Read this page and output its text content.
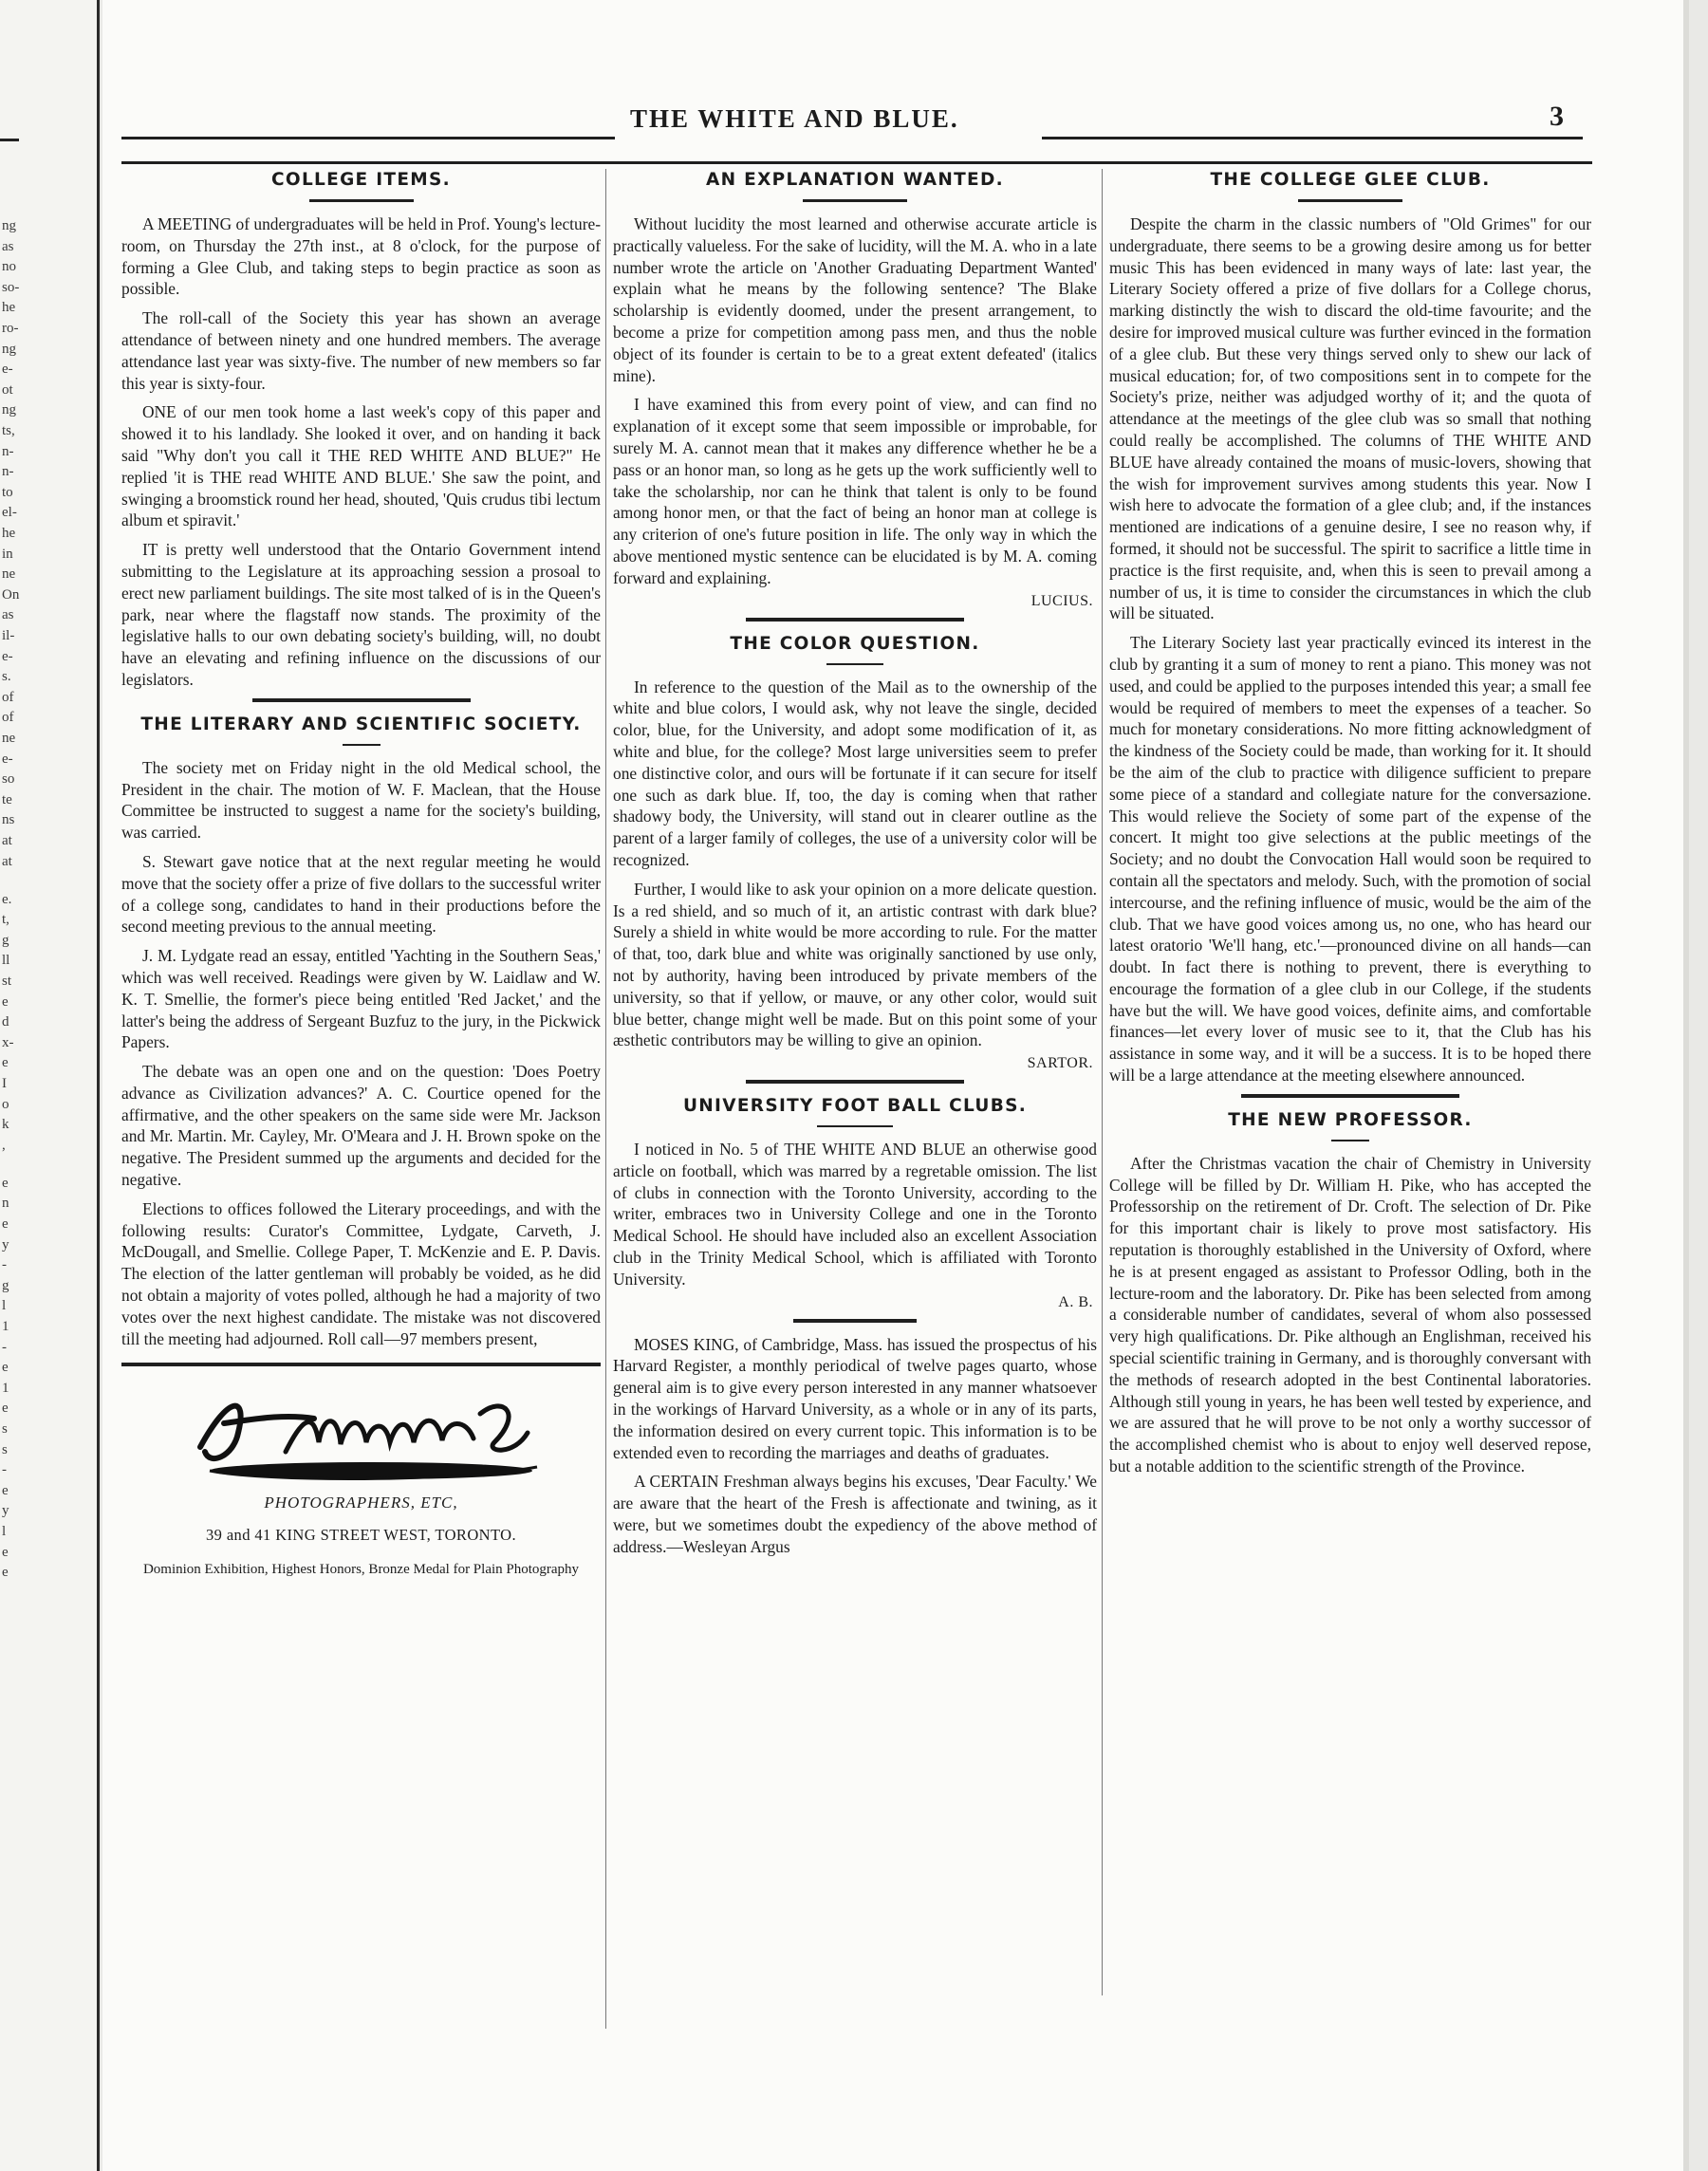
ng
as
no
so-
he
ro-
ng
e-
ot
ng
ts,
n-
n-
to
el-
he
in
ne
On
as
il-
e-
s.
of
of
ne
e-
so
te
ns
at
at
e.
t,
g
ll
st
e
d
x-
e
I
o
k
,
e
n
e
y
-
g
l
1
-
e
1
e
s
s
-
e
y
l
e
e
THE WHITE AND BLUE.	3
COLLEGE ITEMS.

A MEETING of undergraduates will be held in Prof. Young's lecture-room, on Thursday the 27th inst., at 8 o'clock, for the purpose of forming a Glee Club, and taking steps to begin practice as soon as possible.

The roll-call of the Society this year has shown an average attendance of between ninety and one hundred members. The average attendance last year was sixty-five. The number of new members so far this year is sixty-four.

ONE of our men took home a last week's copy of this paper and showed it to his landlady. She looked it over, and on handing it back said "Why don't you call it THE RED WHITE AND BLUE?" He replied 'it is THE read WHITE AND BLUE.' She saw the point, and swinging a broomstick round her head, shouted, 'Quis crudus tibi lectum album et spiravit.'

IT is pretty well understood that the Ontario Government intend submitting to the Legislature at its approaching session a prosoal to erect new parliament buildings. The site most talked of is in the Queen's park, near where the flagstaff now stands. The proximity of the legislative halls to our own debating society's building, will, no doubt have an elevating and refining influence on the discussions of our legislators.

THE LITERARY AND SCIENTIFIC SOCIETY.

The society met on Friday night in the old Medical school, the President in the chair. The motion of W. F. Maclean, that the House Committee be instructed to suggest a name for the society's building, was carried.

S. Stewart gave notice that at the next regular meeting he would move that the society offer a prize of five dollars to the successful writer of a college song, candidates to hand in their productions before the second meeting previous to the annual meeting.

J. M. Lydgate read an essay, entitled 'Yachting in the Southern Seas,' which was well received. Readings were given by W. Laidlaw and W. K. T. Smellie, the former's piece being entitled 'Red Jacket,' and the latter's being the address of Sergeant Buzfuz to the jury, in the Pickwick Papers.

The debate was an open one and on the question: 'Does Poetry advance as Civilization advances?' A. C. Courtice opened for the affirmative, and the other speakers on the same side were Mr. Jackson and Mr. Martin. Mr. Cayley, Mr. O'Meara and J. H. Brown spoke on the negative. The President summed up the arguments and decided for the negative.

Elections to offices followed the Literary proceedings, and with the following results: Curator's Committee, Lydgate, Carveth, J. McDougall, and Smellie. College Paper, T. McKenzie and E. P. Davis. The election of the latter gentleman will probably be voided, as he did not obtain a majority of votes polled, although he had a majority of two votes over the next highest candidate. The mistake was not discovered till the meeting had adjourned. Roll call—97 members present,

PHOTOGRAPHERS, ETC,

39 and 41 KING STREET WEST, TORONTO.

Dominion Exhibition, Highest Honors, Bronze Medal for Plain Photography

AN EXPLANATION WANTED.

Without lucidity the most learned and otherwise accurate article is practically valueless. For the sake of lucidity, will the M. A. who in a late number wrote the article on 'Another Graduating Department Wanted' explain what he means by the following sentence? 'The Blake scholarship is evidently doomed, under the present arrangement, to become a prize for competition among pass men, and thus the noble object of its founder is certain to be to a great extent defeated' (italics mine).

I have examined this from every point of view, and can find no explanation of it except some that seem impossible or improbable, for surely M. A. cannot mean that it makes any difference whether he be a pass or an honor man, so long as he gets up the work sufficiently well to take the scholarship, nor can he think that talent is only to be found among honor men, or that the fact of being an honor man at college is any criterion of one's future position in life. The only way in which the above mentioned mystic sentence can be elucidated is by M. A. coming forward and explaining.

LUCIUS.

THE COLOR QUESTION.

In reference to the question of the Mail as to the ownership of the white and blue colors, I would ask, why not leave the single, decided color, blue, for the University, and adopt some modification of it, as white and blue, for the college? Most large universities seem to prefer one distinctive color, and ours will be fortunate if it can secure for itself one such as dark blue. If, too, the day is coming when that rather shadowy body, the University, will stand out in clearer outline as the parent of a larger family of colleges, the use of a university color will be recognized.

Further, I would like to ask your opinion on a more delicate question. Is a red shield, and so much of it, an artistic contrast with dark blue? Surely a shield in white would be more according to rule. For the matter of that, too, dark blue and white was originally sanctioned by use only, not by authority, having been introduced by private members of the university, so that if yellow, or mauve, or any other color, would suit blue better, change might well be made. But on this point some of your æsthetic contributors may be willing to give an opinion.

SARTOR.

UNIVERSITY FOOT BALL CLUBS.

I noticed in No. 5 of THE WHITE AND BLUE an otherwise good article on football, which was marred by a regretable omission. The list of clubs in connection with the Toronto University, according to the writer, embraces two in University College and one in the Toronto Medical School. He should have included also an excellent Association club in the Trinity Medical School, which is affiliated with Toronto University.

A. B.

MOSES KING, of Cambridge, Mass. has issued the prospectus of his Harvard Register, a monthly periodical of twelve pages quarto, whose general aim is to give every person interested in any manner whatsoever in the workings of Harvard University, as a whole or in any of its parts, the information desired on every current topic. This information is to be extended even to recording the marriages and deaths of graduates.

A CERTAIN Freshman always begins his excuses, 'Dear Faculty.' We are aware that the heart of the Fresh is affectionate and twining, as it were, but we sometimes doubt the expediency of the above method of address.—Wesleyan Argus

THE COLLEGE GLEE CLUB.

Despite the charm in the classic numbers of "Old Grimes" for our undergraduate, there seems to be a growing desire among us for better music This has been evidenced in many ways of late: last year, the Literary Society offered a prize of five dollars for a College chorus, marking distinctly the wish to discard the old-time favourite; and the desire for improved musical culture was further evinced in the formation of a glee club. But these very things served only to shew our lack of musical education; for, of two compositions sent in to compete for the Society's prize, neither was adjudged worthy of it; and the quota of attendance at the meetings of the glee club was so small that nothing could really be accomplished. The columns of THE WHITE AND BLUE have already contained the moans of music-lovers, showing that the wish for improvement survives among students this year. Now I wish here to advocate the formation of a glee club; and, if the instances mentioned are indications of a genuine desire, I see no reason why, if formed, it should not be successful. The spirit to sacrifice a little time in practice is the first requisite, and, when this is seen to prevail among a number of us, it is time to consider the circumstances in which the club will be situated.

The Literary Society last year practically evinced its interest in the club by granting it a sum of money to rent a piano. This money was not used, and could be applied to the purposes intended this year; a small fee would be required of members to meet the expenses of a teacher. So much for monetary considerations. No more fitting acknowledgment of the kindness of the Society could be made, than working for it. It should be the aim of the club to practice with diligence sufficient to prepare some piece of a standard and collegiate nature for the conversazione. This would relieve the Society of some part of the expense of the concert. It might too give selections at the public meetings of the Society; and no doubt the Convocation Hall would soon be required to contain all the spectators and melody. Such, with the promotion of social intercourse, and the refining influence of music, would be the aim of the club. That we have good voices among us, no one, who has heard our latest oratorio 'We'll hang, etc.'—pronounced divine on all hands—can doubt. In fact there is nothing to prevent, there is everything to encourage the formation of a glee club in our College, if the students have but the will. We have good voices, definite aims, and comfortable finances—let every lover of music see to it, that the Club has his assistance in some way, and it will be a success. It is to be hoped there will be a large attendance at the meeting elsewhere announced.

THE NEW PROFESSOR.

After the Christmas vacation the chair of Chemistry in University College will be filled by Dr. William H. Pike, who has accepted the Professorship on the retirement of Dr. Croft. The selection of Dr. Pike for this important chair is likely to prove most satisfactory. His reputation is thoroughly established in the University of Oxford, where he is at present engaged as assistant to Professor Odling, both in the lecture-room and the laboratory. Dr. Pike has been selected from among a considerable number of candidates, several of whom also possessed very high qualifications. Dr. Pike although an Englishman, received his special scientific training in Germany, and is thoroughly conversant with the methods of research adopted in the best Continental laboratories. Although still young in years, he has been well tested by experience, and we are assured that he will prove to be not only a worthy successor of the accomplished chemist who is about to enjoy well deserved repose, but a notable addition to the scientific strength of the Province.
